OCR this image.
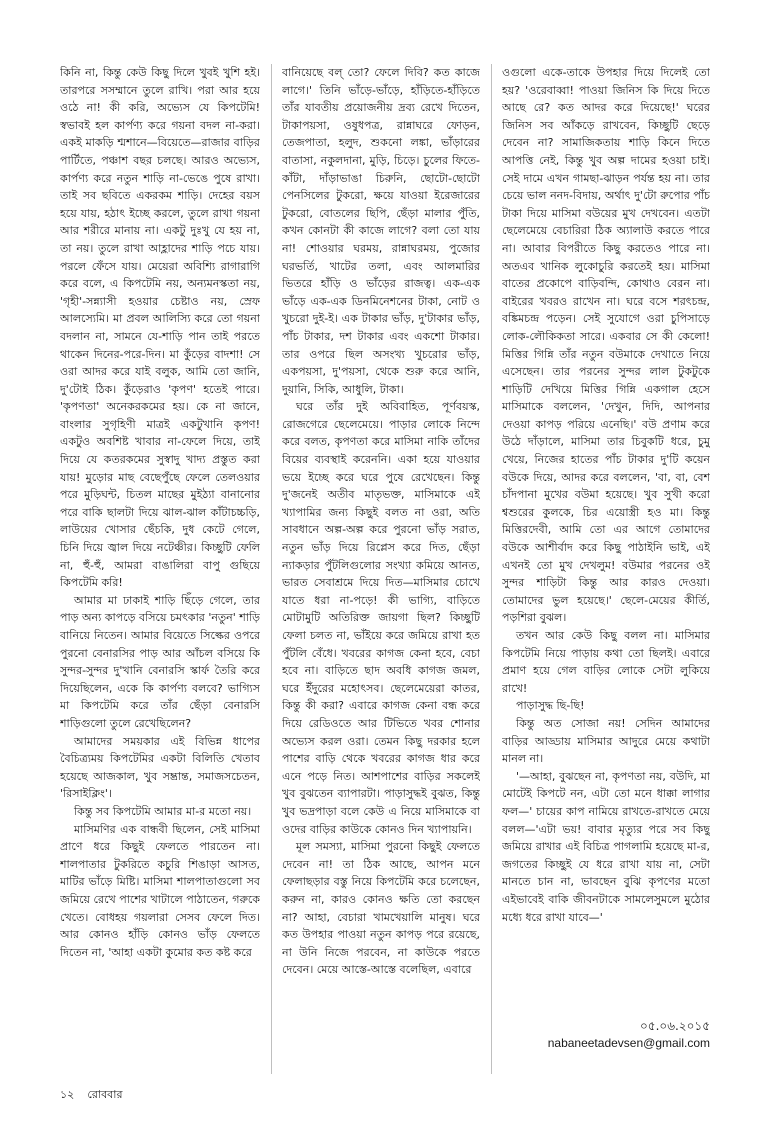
কিনি না, কিন্তু কেউ কিছু দিলে খুবই খুশি হই। তারপরে সসম্মানে তুলে রাখি। পরা আর হয়ে ওঠে না! কী করি, অভ্যেস যে কিপটেমি! স্বভাবই হল কার্পণ্য করে গয়না বদল না-করা। একই মাকড়ি শ্মশানে—বিয়েতে—রাজার বাড়ির পার্টিতে, পঞ্চাশ বছর চলছে। আরও অভ্যেস, কার্পণ্য করে নতুন শাড়ি না-ভেঙে পুষে রাখা। তাই সব ছবিতে একরকম শাড়ি। দেহের বয়স হয়ে যায়, হঠাৎ ইচ্ছে করলে, তুলে রাখা গয়না আর শরীরে মানায় না। একটু দুঃখু যে হয় না, তা নয়। তুলে রাখা আহ্লাদের শাড়ি পচে যায়। পরলে ফেঁসে যায়। মেয়েরা অবিশ্যি রাগারাগি করে বলে, এ কিপটেমি নয়, অন্যমনস্কতা নয়, 'গৃহী'-সন্ন্যাসী হওয়ার চেষ্টাও নয়, স্রেফ আলস্যেমি। মা প্রবল আলিস্যি করে তো গয়না বদলান না, সামনে যে-শাড়ি পান তাই পরতে থাকেন দিনের-পরে-দিন। মা কুঁড়ের বাদশা! সে ওরা আদর করে যাই বলুক, আমি তো জানি, দু'টোই ঠিক। কুঁড়েরাও 'কৃপণ' হতেই পারে। 'কৃপণতা' অনেকরকমের হয়। কে না জানে, বাংলার সুগৃহিণী মাত্রই একটুখানি কৃপণ! একটুও অবশিষ্ট খাবার না-ফেলে দিয়ে, তাই দিয়ে যে কতরকমের সুস্বাদু খাদ্য প্রস্তুত করা যায়! মুড়োর মাছ বেছেপুঁছে ফেলে তেলওয়ার পরে মুড়িঘন্ট, চিতল মাছের মুইঠ্যা বানানোর পরে বাকি ছালটা দিয়ে ঝাল-ঝাল কাঁটাচচ্চড়ি, লাউয়ের খোসার ছেঁচকি, দুধ কেটে গেলে, চিনি দিয়ে জ্বাল দিয়ে নটেঞ্চীর। কিচ্ছুটি ফেলি না, হুঁ-হুঁ, আমরা বাঙালিরা বাপু গুছিয়ে কিপটেমি করি!

আমার মা ঢাকাই শাড়ি ছিঁড়ে গেলে, তার পাড় অন্য কাপড়ে বসিয়ে চমৎকার 'নতুন' শাড়ি বানিয়ে নিতেন। আমার বিয়েতে সিল্কের ওপরে পুরনো বেনারসির পাড় আর আঁচল বসিয়ে কি সুন্দর-সুন্দর দু'খানি বেনারসি স্কার্ফ তৈরি করে দিয়েছিলেন, একে কি কার্পণ্য বলবে? ভাগ্যিস মা কিপটেমি করে তাঁর ছেঁড়া বেনারসি শাড়িগুলো তুলে রেখেছিলেন?

আমাদের সময়কার এই বিভিন্ন ধাপের বৈচিত্র্যময় কিপটেমির একটা বিলিতি খেতাব হয়েছে আজকাল, খুব সম্ভ্রান্ত, সমাজসচেতন, 'রিসাইক্লিং'।

কিন্তু সব কিপটেমি আমার মা-র মতো নয়।

মাসিমণির এক বান্ধবী ছিলেন, সেই মাসিমা প্রাণে ধরে কিছুই ফেলতে পারতেন না। শালপাতার টুকরিতে কচুরি শিঙাড়া আসত, মাটির ভাঁড়ে মিষ্টি। মাসিমা শালপাতাগুলো সব জমিয়ে রেখে পাশের খাটালে পাঠাতেন, গরুকে খেতে। বোধহয় গয়লারা সেসব ফেলে দিত। আর কোনও হাঁড়ি কোনও ভাঁড় ফেলতে দিতেন না, 'আহা একটা কুমোর কত কষ্ট করে

বানিয়েছে বল্ তো? ফেলে দিবি? কত কাজে লাগে।' তিনি ভাঁড়ে-ভাঁড়ে, হাঁড়িতে-হাঁড়িতে তাঁর যাবতীয় প্রয়োজনীয় দ্রব্য রেখে দিতেন, টাকাপয়সা, ওষুধপত্র, রান্নাঘরে ফোড়ন, তেজপাতা, হলুদ, শুকনো লঙ্কা, ভাঁড়ারের বাতাসা, নকুলদানা, মুড়ি, চিড়ে। চুলের ফিতে-কাঁটা, দাঁড়াভাঙা চিরুনি, ছোটো-ছোটো পেনসিলের টুকরো, ক্ষয়ে যাওয়া ইরেজারের টুকরো, বোতলের ছিপি, ছেঁড়া মালার পুঁতি, কখন কোনটা কী কাজে লাগে? বলা তো যায় না! শোওয়ার ঘরময়, রান্নাঘরময়, পুজোর ঘরভর্তি, খাটের তলা, এবং আলমারির ভিতরে হাঁড়ি ও ভাঁড়ের রাজত্ব। এক-এক ভাঁড়ে এক-এক ডিনমিনেশনের টাকা, নোট ও খুচরো দুই-ই। এক টাকার ভাঁড়, দু'টাকার ভাঁড়, পাঁচ টাকার, দশ টাকার এবং একশো টাকার। তার ওপরে ছিল অসংখ্য খুচরোর ভাঁড়, একপয়সা, দু'পয়সা, থেকে শুরু করে আনি, দুয়ানি, সিকি, আধুলি, টাকা।

ঘরে তাঁর দুই অবিবাহিত, পূর্ণবয়স্ক, রোজগেরে ছেলেমেয়ে। পাড়ার লোকে নিন্দে করে বলত, কৃপণতা করে মাসিমা নাকি তাঁদের বিয়ের ব্যবস্থাই করেননি। একা হয়ে যাওয়ার ভয়ে ইচ্ছে করে ঘরে পুষে রেখেছেন। কিন্তু দু'জনেই অতীব মাতৃভক্ত, মাসিমাকে এই খ্যাপামির জন্য কিছুই বলত না ওরা, অতি সাবধানে অল্প-অল্প করে পুরনো ভাঁড় সরাত, নতুন ভাঁড় দিয়ে রিপ্লেস করে দিত, ছেঁড়া ন্যাকড়ার পুঁটলিগুলোর সংখ্যা কমিয়ে আনত, ভারত সেবাশ্রমে দিয়ে দিত—মাসিমার চোখে যাতে ধরা না-পড়ে! কী ভাগ্যি, বাড়িতে মোটামুটি অতিরিক্ত জায়গা ছিল? কিচ্ছুটি ফেলা চলত না, ভাঁইয়ে করে জমিয়ে রাখা হত পুঁটলি বেঁধে। খবরের কাগজ কেনা হবে, বেচা হবে না। বাড়িতে ছাদ অবধি কাগজ জমল, ঘরে ইঁদুরের মহোৎসব। ছেলেমেয়েরা কাতর, কিন্তু কী করা? এবারে কাগজ কেনা বন্ধ করে দিয়ে রেডিওতে আর টিভিতে খবর শোনার অভ্যেস করল ওরা। তেমন কিছু দরকার হলে পাশের বাড়ি থেকে খবরের কাগজ ধার করে এনে পড়ে নিত। আশপাশের বাড়ির সকলেই খুব বুঝতেন ব্যাপারটা। পাড়াসুদ্ধই বুঝত, কিন্তু খুব ভদ্রপাড়া বলে কেউ এ নিয়ে মাসিমাকে বা ওদের বাড়ির কাউকে কোনও দিন খ্যাপায়নি।

মূল সমস্যা, মাসিমা পুরনো কিছুই ফেলতে দেবেন না! তা ঠিক আছে, আপন মনে ফেলাছড়ার বস্তু নিয়ে কিপটেমি করে চলেছেন, করুন না, কারও কোনও ক্ষতি তো করছেন না? আহা, বেচারা খামখেয়ালি মানুষ। ঘরে কত উপহার পাওয়া নতুন কাপড় পরে রয়েছে, না উনি নিজে পরবেন, না কাউকে পরতে দেবেন। মেয়ে আস্তে-আস্তে বলেছিল, এবারে

ওগুলো একে-তাকে উপহার দিয়ে দিলেই তো হয়? 'ওরেবাব্বা! পাওয়া জিনিস কি দিয়ে দিতে আছে রে? কত আদর করে দিয়েছে!' ঘরের জিনিস সব আঁকড়ে রাখবেন, কিচ্ছুটি ছেড়ে দেবেন না? সামাজিকতায় শাড়ি কিনে দিতে আপত্তি নেই, কিন্তু খুব অল্প দামের হওয়া চাই। সেই দামে এখন গামছা-ঝাড়ন পর্যন্ত হয় না। তার চেয়ে ভাল ননদ-বিদায়, অর্থাৎ দু'টো রুপোর পাঁচ টাকা দিয়ে মাসিমা বউয়ের মুখ দেখবেন। এতটা ছেলেমেয়ে বেচারিরা ঠিক অ্যালাউ করতে পারে না। আবার বিপরীতে কিছু করতেও পারে না। অতএব খানিক লুকোচুরি করতেই হয়। মাসিমা বাতের প্রকোপে বাড়িবন্দি, কোথাও বেরন না। বাইরের খবরও রাখেন না। ঘরে বসে শরৎচন্দ্র, বঙ্কিমচন্দ্র পড়েন। সেই সুযোগে ওরা চুপিসাড়ে লোক-লৌকিকতা সারে। একবার সে কী কেলো! মিত্তির গিন্নি তাঁর নতুন বউমাকে দেখাতে নিয়ে এসেছেন। তার পরনের সুন্দর লাল টুকটুকে শাড়িটি দেখিয়ে মিত্তির গিন্নি একগাল হেসে মাসিমাকে বললেন, 'দেখুন, দিদি, আপনার দেওয়া কাপড় পরিয়ে এনেছি।' বউ প্রণাম করে উঠে দাঁড়ালে, মাসিমা তার চিবুকটি ধরে, চুমু খেয়ে, নিজের হাতের পাঁচ টাকার দু'টি কয়েন বউকে দিয়ে, আদর করে বললেন, 'বা, বা, বেশ চাঁদপানা মুখের বউমা হয়েছে। খুব সুখী করো শ্বশুরের কুলকে, চির এয়োস্ত্রী হও মা। কিন্তু মিত্তিরদেবী, আমি তো এর আগে তোমাদের বউকে আশীর্বাদ করে কিছু পাঠাইনি ভাই, এই এখনই তো মুখ দেখলুম! বউমার পরনের ওই সুন্দর শাড়িটা কিন্তু আর কারও দেওয়া। তোমাদের ভুল হয়েছে।' ছেলে-মেয়ের কীর্তি, পড়শিরা বুঝল।

তখন আর কেউ কিছু বলল না। মাসিমার কিপটেমি নিয়ে পাড়ায় কথা তো ছিলই। এবারে প্রমাণ হয়ে গেল বাড়ির লোকে সেটা লুকিয়ে রাখে!

পাড়াসুদ্ধ ছি-ছি!

কিন্তু অত সোজা নয়! সেদিন আমাদের বাড়ির আড্ডায় মাসিমার আদুরে মেয়ে কথাটা মানল না।

'—আহা, বুঝছেন না, কৃপণতা নয়, বউদি, মা মোটেই কিপটে নন, এটা তো মনে ধাক্কা লাগার ফল—' চায়ের কাপ নামিয়ে রাখতে-রাখতে মেয়ে বলল—'এটা ভয়! বাবার মৃত্যুর পরে সব কিছু জমিয়ে রাখার এই বিচিত্র পাগলামি হয়েছে মা-র, জগতের কিচ্ছুই যে ধরে রাখা যায় না, সেটা মানতে চান না, ভাবছেন বুঝি কৃপণের মতো এইভাবেই বাকি জীবনটাকে সামলেসুমলে মুঠোর মধ্যে ধরে রাখা যাবে—'

০৫.০৬.২০১৫
nabaneetadevsen@gmail.com
১২ রোববার
